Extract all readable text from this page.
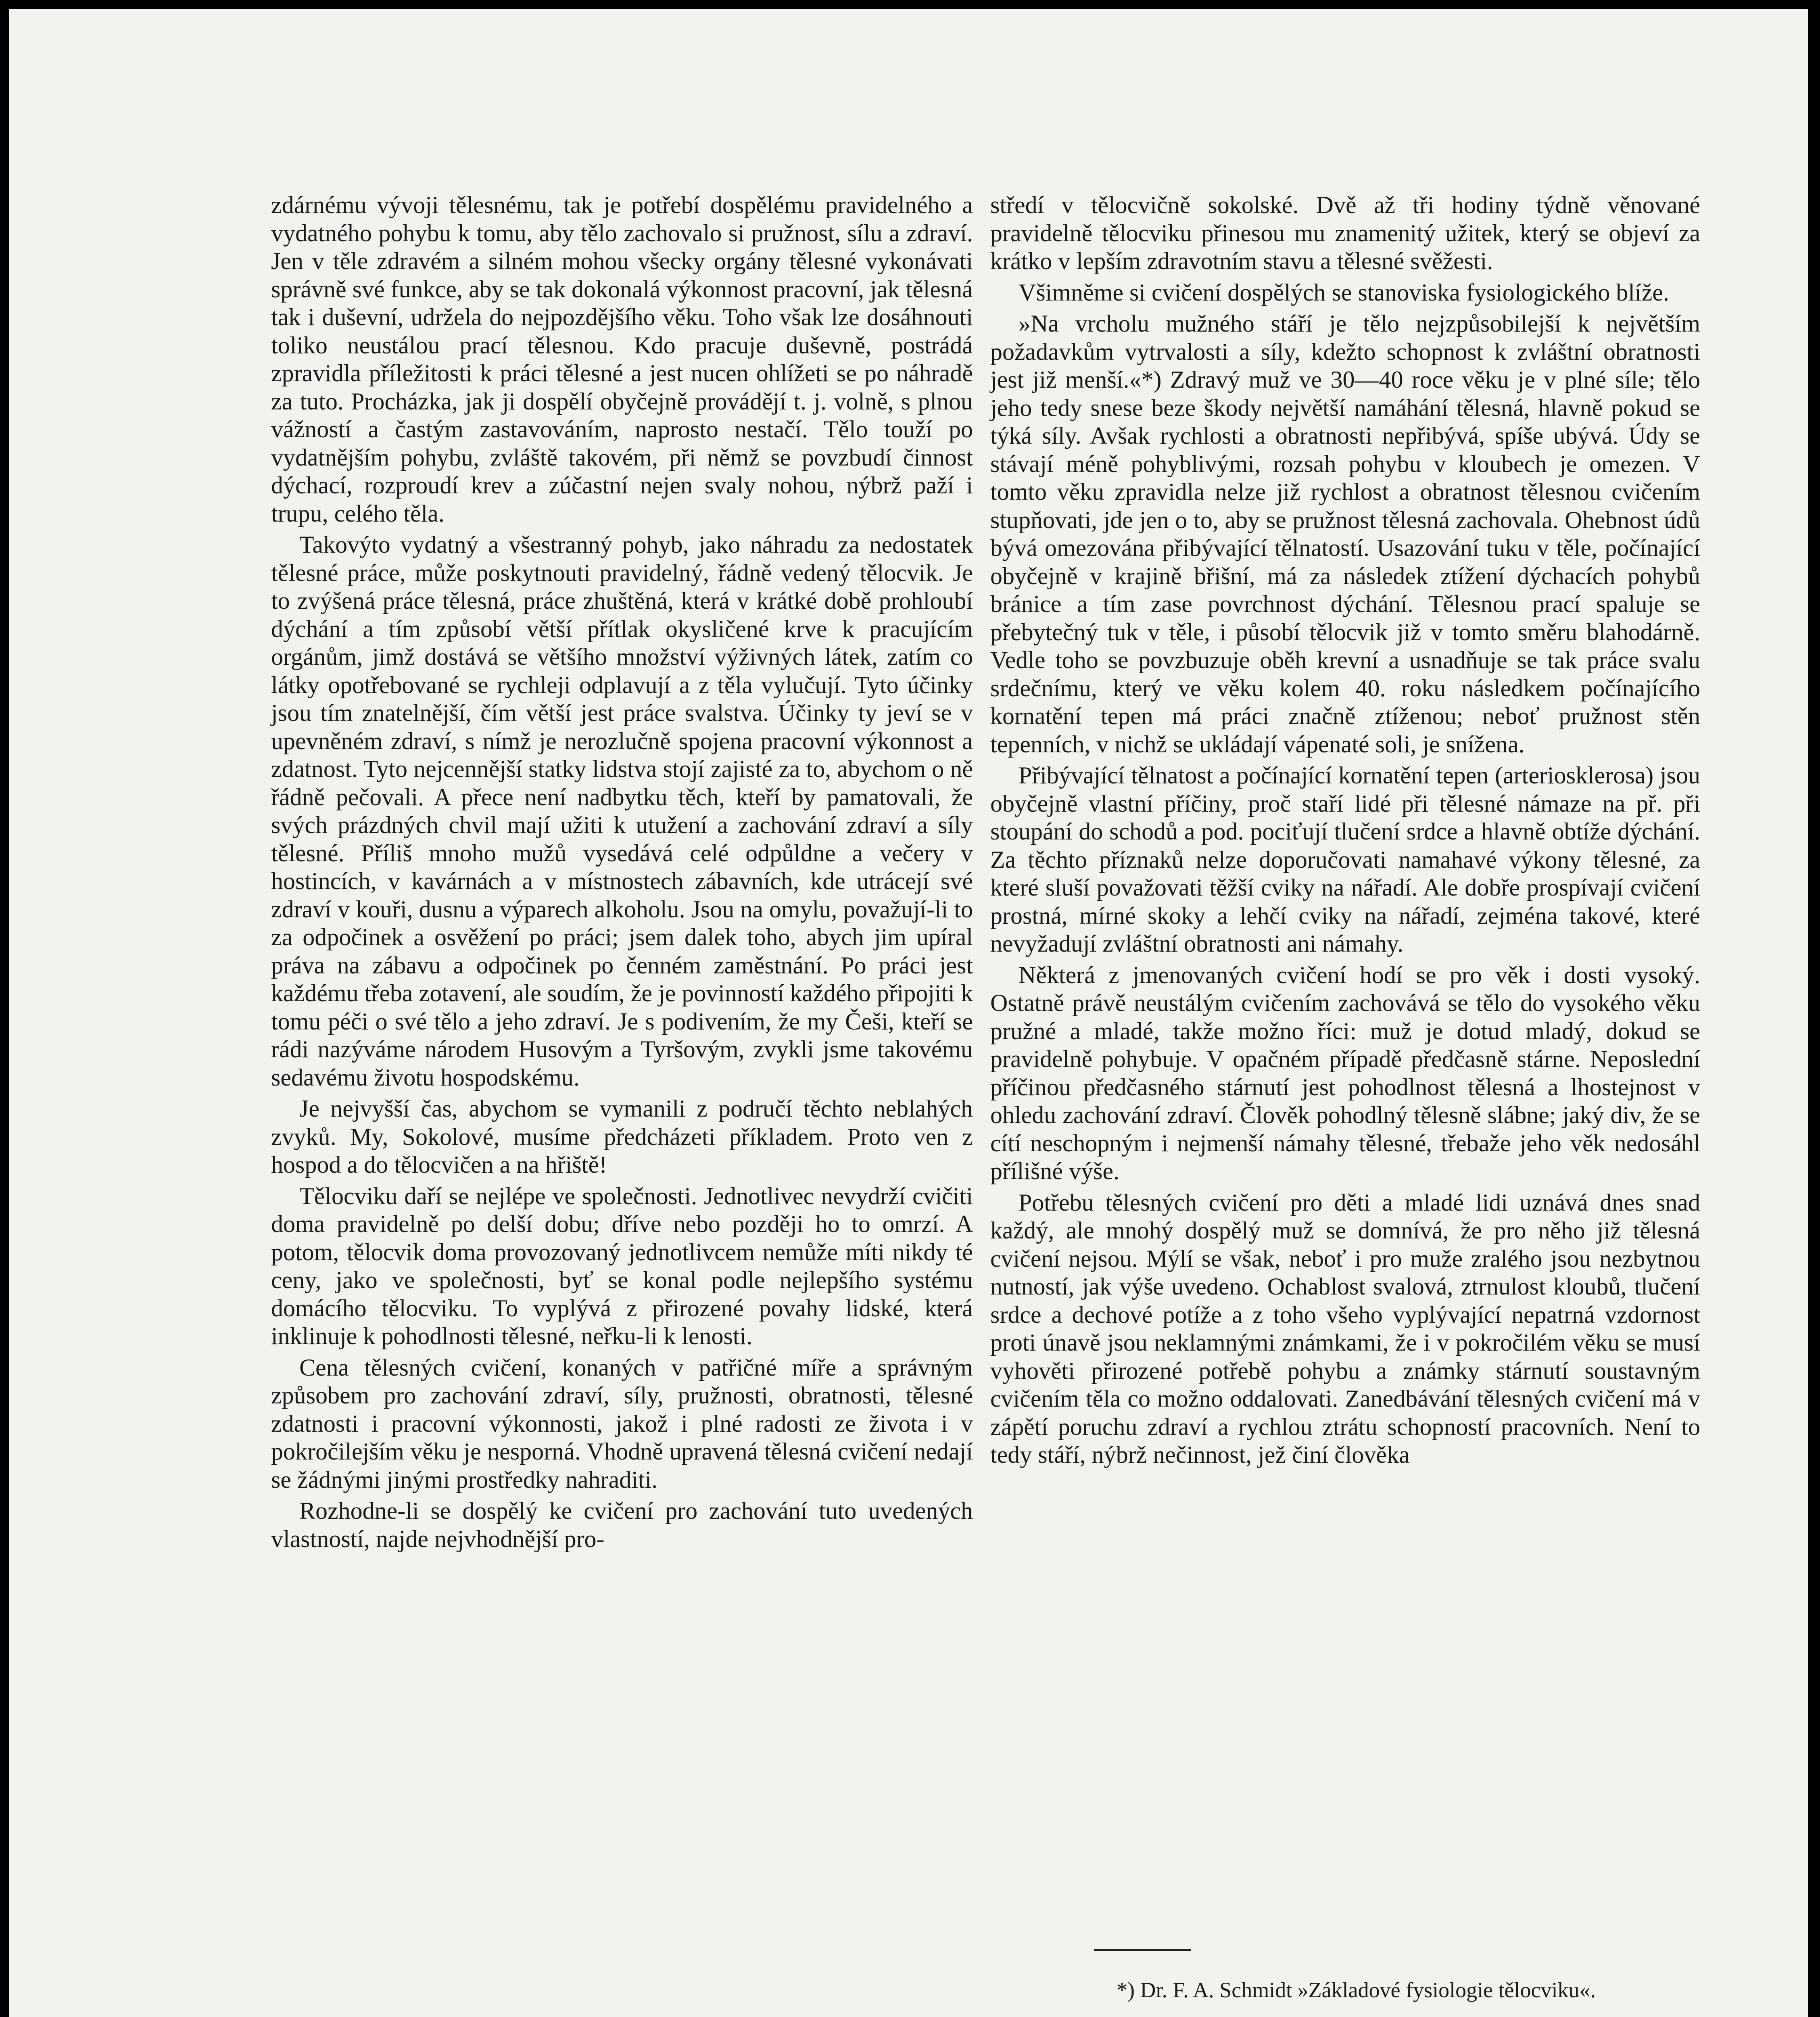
zdárnému vývoji tělesnému, tak je potřebí dospělému pravidelného a vydatného pohybu k tomu, aby tělo zachovalo si pružnost, sílu a zdraví. Jen v těle zdravém a silném mohou všecky orgány tělesné vykonávati správně své funkce, aby se tak dokonalá výkonnost pracovní, jak tělesná tak i duševní, udržela do nejpozdějšího věku. Toho však lze dosáhnouti toliko neustálou prací tělesnou. Kdo pracuje duševně, postrádá zpravidla příležitosti k práci tělesné a jest nucen ohlížeti se po náhradě za tuto. Procházka, jak ji dospělí obyčejně provádějí t. j. volně, s plnou vážností a častým zastavováním, naprosto nestačí. Tělo touží po vydatnějším pohybu, zvláště takovém, při němž se povzbudí činnost dýchací, rozproudí krev a zúčastní nejen svaly nohou, nýbrž paží i trupu, celého těla.

Takovýto vydatný a všestranný pohyb, jako náhradu za nedostatek tělesné práce, může poskytnouti pravidelný, řádně vedený tělocvik. Je to zvýšená práce tělesná, práce zhuštěná, která v krátké době prohloubí dýchání a tím způsobí větší přítlak okysličené krve k pracujícím orgánům, jimž dostává se většího množství výživných látek, zatím co látky opotřebované se rychleji odplavují a z těla vylučují. Tyto účinky jsou tím znatelnější, čím větší jest práce svalstva. Účinky ty jeví se v upevněném zdraví, s nímž je nerozlučně spojena pracovní výkonnost a zdatnost. Tyto nejcennější statky lidstva stojí zajisté za to, abychom o ně řádně pečovali. A přece není nadbytku těch, kteří by pamatovali, že svých prázdných chvil mají užiti k utužení a zachování zdraví a síly tělesné. Příliš mnoho mužů vysedává celé odpůldne a večery v hostincích, v kavárnách a v místnostech zábavních, kde utrácejí své zdraví v kouři, dusnu a výparech alkoholu. Jsou na omylu, považují-li to za odpočinek a osvěžení po práci; jsem dalek toho, abych jim upíral práva na zábavu a odpočinek po čenném zaměstnání. Po práci jest každému třeba zotavení, ale soudím, že je povinností každého připojiti k tomu péči o své tělo a jeho zdraví. Je s podivením, že my Češi, kteří se rádi nazýváme národem Husovým a Tyršovým, zvykli jsme takovému sedavému životu hospodskému.

Je nejvyšší čas, abychom se vymanili z područí těchto neblahých zvyků. My, Sokolové, musíme předcházeti příkladem. Proto ven z hospod a do tělocvičen a na hřiště!

Tělocviku daří se nejlépe ve společnosti. Jednotlivec nevydrží cvičiti doma pravidelně po delší dobu; dříve nebo později ho to omrzí. A potom, tělocvik doma provozovaný jednotlivcem nemůže míti nikdy té ceny, jako ve společnosti, byť se konal podle nejlepšího systému domácího tělocviku. To vyplývá z přirozené povahy lidské, která inklinuje k pohodlnosti tělesné, neřku-li k lenosti.

Cena tělesných cvičení, konaných v patřičné míře a správným způsobem pro zachování zdraví, síly, pružnosti, obratnosti, tělesné zdatnosti i pracovní výkonnosti, jakož i plné radosti ze života i v pokročilejším věku je nesporná. Vhodně upravená tělesná cvičení nedají se žádnými jinými prostředky nahraditi.

Rozhodne-li se dospělý ke cvičení pro zachování tuto uvedených vlastností, najde nejvhodnější pro-

středí v tělocvičně sokolské. Dvě až tři hodiny týdně věnované pravidelně tělocviku přinesou mu znamenitý užitek, který se objeví za krátko v lepším zdravotním stavu a tělesné svěžesti.

Všimněme si cvičení dospělých se stanoviska fysiologického blíže.

»Na vrcholu mužného stáří je tělo nejzpůsobilejší k největším požadavkům vytrvalosti a síly, kdežto schopnost k zvláštní obratnosti jest již menší.«*) Zdravý muž ve 30—40 roce věku je v plné síle; tělo jeho tedy snese beze škody největší namáhání tělesná, hlavně pokud se týká síly. Avšak rychlosti a obratnosti nepřibývá, spíše ubývá. Údy se stávají méně pohyblivými, rozsah pohybu v kloubech je omezen. V tomto věku zpravidla nelze již rychlost a obratnost tělesnou cvičením stupňovati, jde jen o to, aby se pružnost tělesná zachovala. Ohebnost údů bývá omezována přibývající tělnatostí. Usazování tuku v těle, počínající obyčejně v krajině břišní, má za následek ztížení dýchacích pohybů bránice a tím zase povrchnost dýchání. Tělesnou prací spaluje se přebytečný tuk v těle, i působí tělocvik již v tomto směru blahodárně. Vedle toho se povzbuzuje oběh krevní a usnadňuje se tak práce svalu srdečnímu, který ve věku kolem 40. roku následkem počínajícího kornatění tepen má práci značně ztíženou; neboť pružnost stěn tepenních, v nichž se ukládají vápenaté soli, je snížena.

Přibývající tělnatost a počínající kornatění tepen (arteriosklerosa) jsou obyčejně vlastní příčiny, proč staří lidé při tělesné námaze na př. při stoupání do schodů a pod. pociťují tlučení srdce a hlavně obtíže dýchání. Za těchto příznaků nelze doporučovati namahavé výkony tělesné, za které sluší považovati těžší cviky na nářadí. Ale dobře prospívají cvičení prostná, mírné skoky a lehčí cviky na nářadí, zejména takové, které nevyžadují zvláštní obratnosti ani námahy.

Některá z jmenovaných cvičení hodí se pro věk i dosti vysoký. Ostatně právě neustálým cvičením zachovává se tělo do vysokého věku pružné a mladé, takže možno říci: muž je dotud mladý, dokud se pravidelně pohybuje. V opačném případě předčasně stárne. Neposlední příčinou předčasného stárnutí jest pohodlnost tělesná a lhostejnost v ohledu zachování zdraví. Člověk pohodlný tělesně slábne; jaký div, že se cítí neschopným i nejmenší námahy tělesné, třebaže jeho věk nedosáhl přílišné výše.

Potřebu tělesných cvičení pro děti a mladé lidi uznává dnes snad každý, ale mnohý dospělý muž se domnívá, že pro něho již tělesná cvičení nejsou. Mýlí se však, neboť i pro muže zralého jsou nezbytnou nutností, jak výše uvedeno. Ochablost svalová, ztrnulost kloubů, tlučení srdce a dechové potíže a z toho všeho vyplývající nepatrná vzdornost proti únavě jsou neklamnými známkami, že i v pokročilém věku se musí vyhověti přirozené potřebě pohybu a známky stárnutí soustavným cvičením těla co možno oddalovati. Zanedbávání tělesných cvičení má v zápětí poruchu zdraví a rychlou ztrátu schopností pracovních. Není to tedy stáří, nýbrž nečinnost, jež činí člověka

*) Dr. F. A. Schmidt »Základové fysiologie tělocviku«.
